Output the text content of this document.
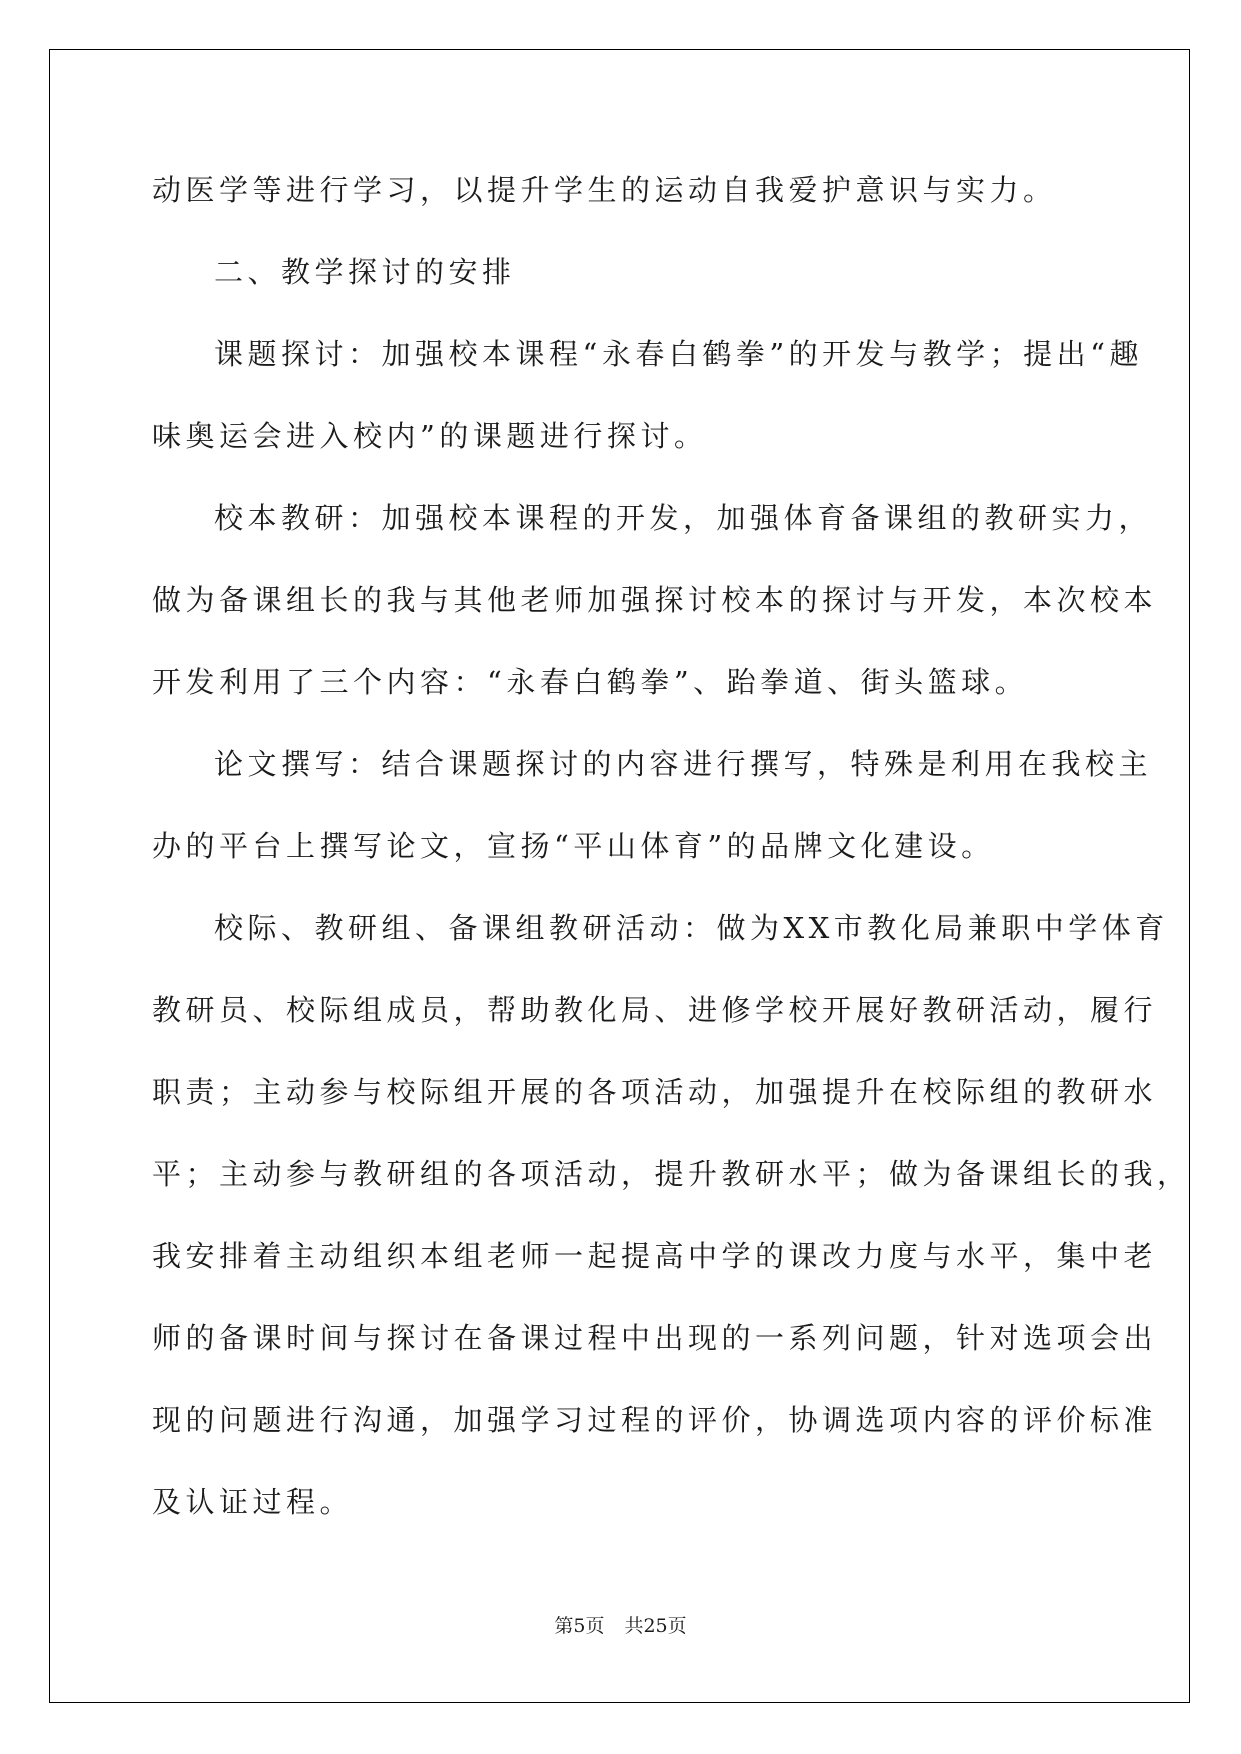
动医学等进行学习，以提升学生的运动自我爱护意识与实力。
二、教学探讨的安排
课题探讨：加强校本课程“永春白鹤拳”的开发与教学；提出“趣
味奥运会进入校内”的课题进行探讨。
校本教研：加强校本课程的开发，加强体育备课组的教研实力，
做为备课组长的我与其他老师加强探讨校本的探讨与开发，本次校本
开发利用了三个内容：“永春白鹤拳”、跆拳道、街头篮球。
论文撰写：结合课题探讨的内容进行撰写，特殊是利用在我校主
办的平台上撰写论文，宣扬“平山体育”的品牌文化建设。
校际、教研组、备课组教研活动：做为XX市教化局兼职中学体育
教研员、校际组成员，帮助教化局、进修学校开展好教研活动，履行
职责；主动参与校际组开展的各项活动，加强提升在校际组的教研水
平；主动参与教研组的各项活动，提升教研水平；做为备课组长的我，
我安排着主动组织本组老师一起提高中学的课改力度与水平，集中老
师的备课时间与探讨在备课过程中出现的一系列问题，针对选项会出
现的问题进行沟通，加强学习过程的评价，协调选项内容的评价标准
及认证过程。
第5页 共25页
